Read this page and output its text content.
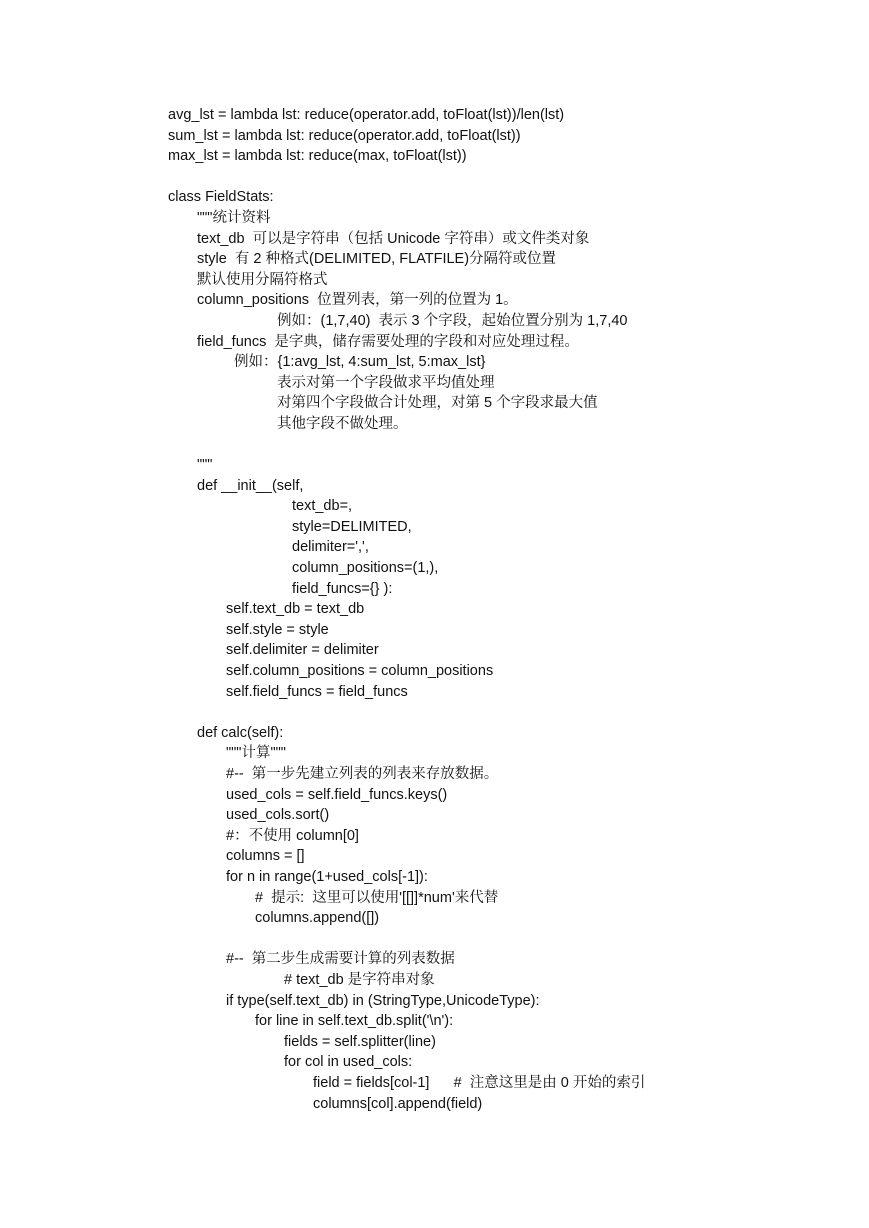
avg_lst = lambda lst: reduce(operator.add, toFloat(lst))/len(lst)
sum_lst = lambda lst: reduce(operator.add, toFloat(lst))
max_lst = lambda lst: reduce(max, toFloat(lst))
class FieldStats:
"""统计资料
text_db  可以是字符串（包括 Unicode 字符串）或文件类对象
style  有 2 种格式(DELIMITED, FLATFILE)分隔符或位置
默认使用分隔符格式
column_positions  位置列表，第一列的位置为 1。
例如：(1,7,40)  表示 3 个字段，起始位置分别为 1,7,40
field_funcs  是字典，储存需要处理的字段和对应处理过程。
例如：{1:avg_lst, 4:sum_lst, 5:max_lst}
表示对第一个字段做求平均值处理
对第四个字段做合计处理，对第 5 个字段求最大值
其他字段不做处理。
"""
def __init__(self,
text_db=,
style=DELIMITED,
delimiter=',',
column_positions=(1,),
field_funcs={} ):
self.text_db = text_db
self.style = style
self.delimiter = delimiter
self.column_positions = column_positions
self.field_funcs = field_funcs
def calc(self):
"""计算"""
#--  第一步先建立列表的列表来存放数据。
used_cols = self.field_funcs.keys()
used_cols.sort()
#：不使用 column[0]
columns = []
for n in range(1+used_cols[-1]):
#  提示:  这里可以使用'[[]]*num'来代替
columns.append([])
#--  第二步生成需要计算的列表数据
# text_db 是字符串对象
if type(self.text_db) in (StringType,UnicodeType):
for line in self.text_db.split('\n'):
fields = self.splitter(line)
for col in used_cols:
field = fields[col-1]      #  注意这里是由 0 开始的索引
columns[col].append(field)
